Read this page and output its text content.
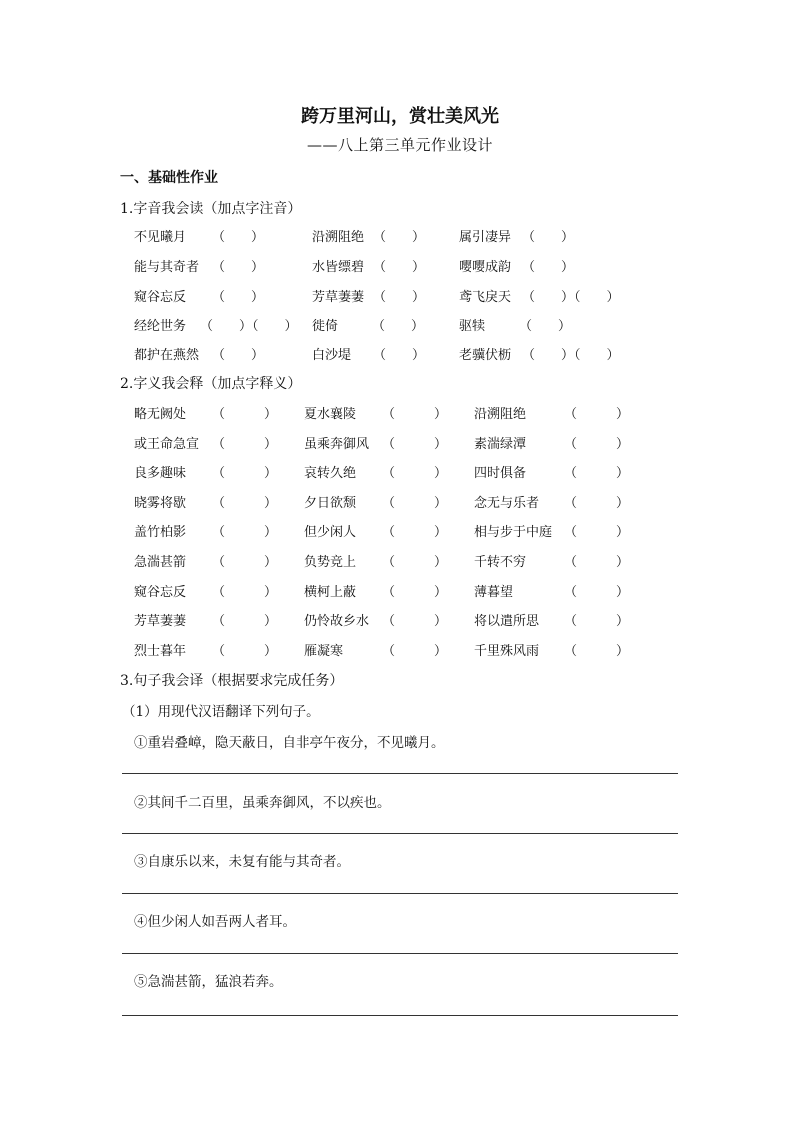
跨万里河山，赏壮美风光
——八上第三单元作业设计
一、基础性作业
1.字音我会读（加点字注音）
不见曦月 （　　）	沿溯阻绝 （　　）	属引凄异 （　　）
能与其奇者 （　　）	水皆缥碧 （　　）	嘤嘤成韵 （　　）
窥谷忘反 （　　）	芳草萋萋 （　　）	鸢飞戾天 （　　）（　　）
经纶世务 （　　）（　　） 徙倚	（　　）	驱犊	（　　）
都护在燕然 （　　）	白沙堤 （　　）	老骥伏枥 （　　）（　　）
2.字义我会释（加点字释义）
略无阙处 （　　　） 夏水襄陵 （　　　） 沿溯阻绝	（　　　）
或王命急宣 （　　　） 虽乘奔御风 （　　　） 素湍绿潭	（　　　）
良多趣味 （　　　） 哀转久绝 （　　　） 四时俱备	（　　　）
晓雾将歇 （　　　） 夕日欲颓 （　　　） 念无与乐者 （　　　）
盖竹柏影 （　　　） 但少闲人 （　　　） 相与步于中庭 （　　　）
急湍甚箭 （　　　） 负势竞上 （　　　） 千转不穷	（　　　）
窥谷忘反 （　　　） 横柯上蔽 （　　　） 薄暮望	（　　　）
芳草萋萋 （　　　） 仍怜故乡水 （　　　） 将以遣所思 （　　　）
烈士暮年 （　　　） 雁凝寒	（　　　） 千里殊风雨 （　　　）
3.句子我会译（根据要求完成任务）
（1）用现代汉语翻译下列句子。
①重岩叠嶂，隐天蔽日，自非亭午夜分，不见曦月。
②其间千二百里，虽乘奔御风，不以疾也。
③自康乐以来，未复有能与其奇者。
④但少闲人如吾两人者耳。
⑤急湍甚箭，猛浪若奔。
